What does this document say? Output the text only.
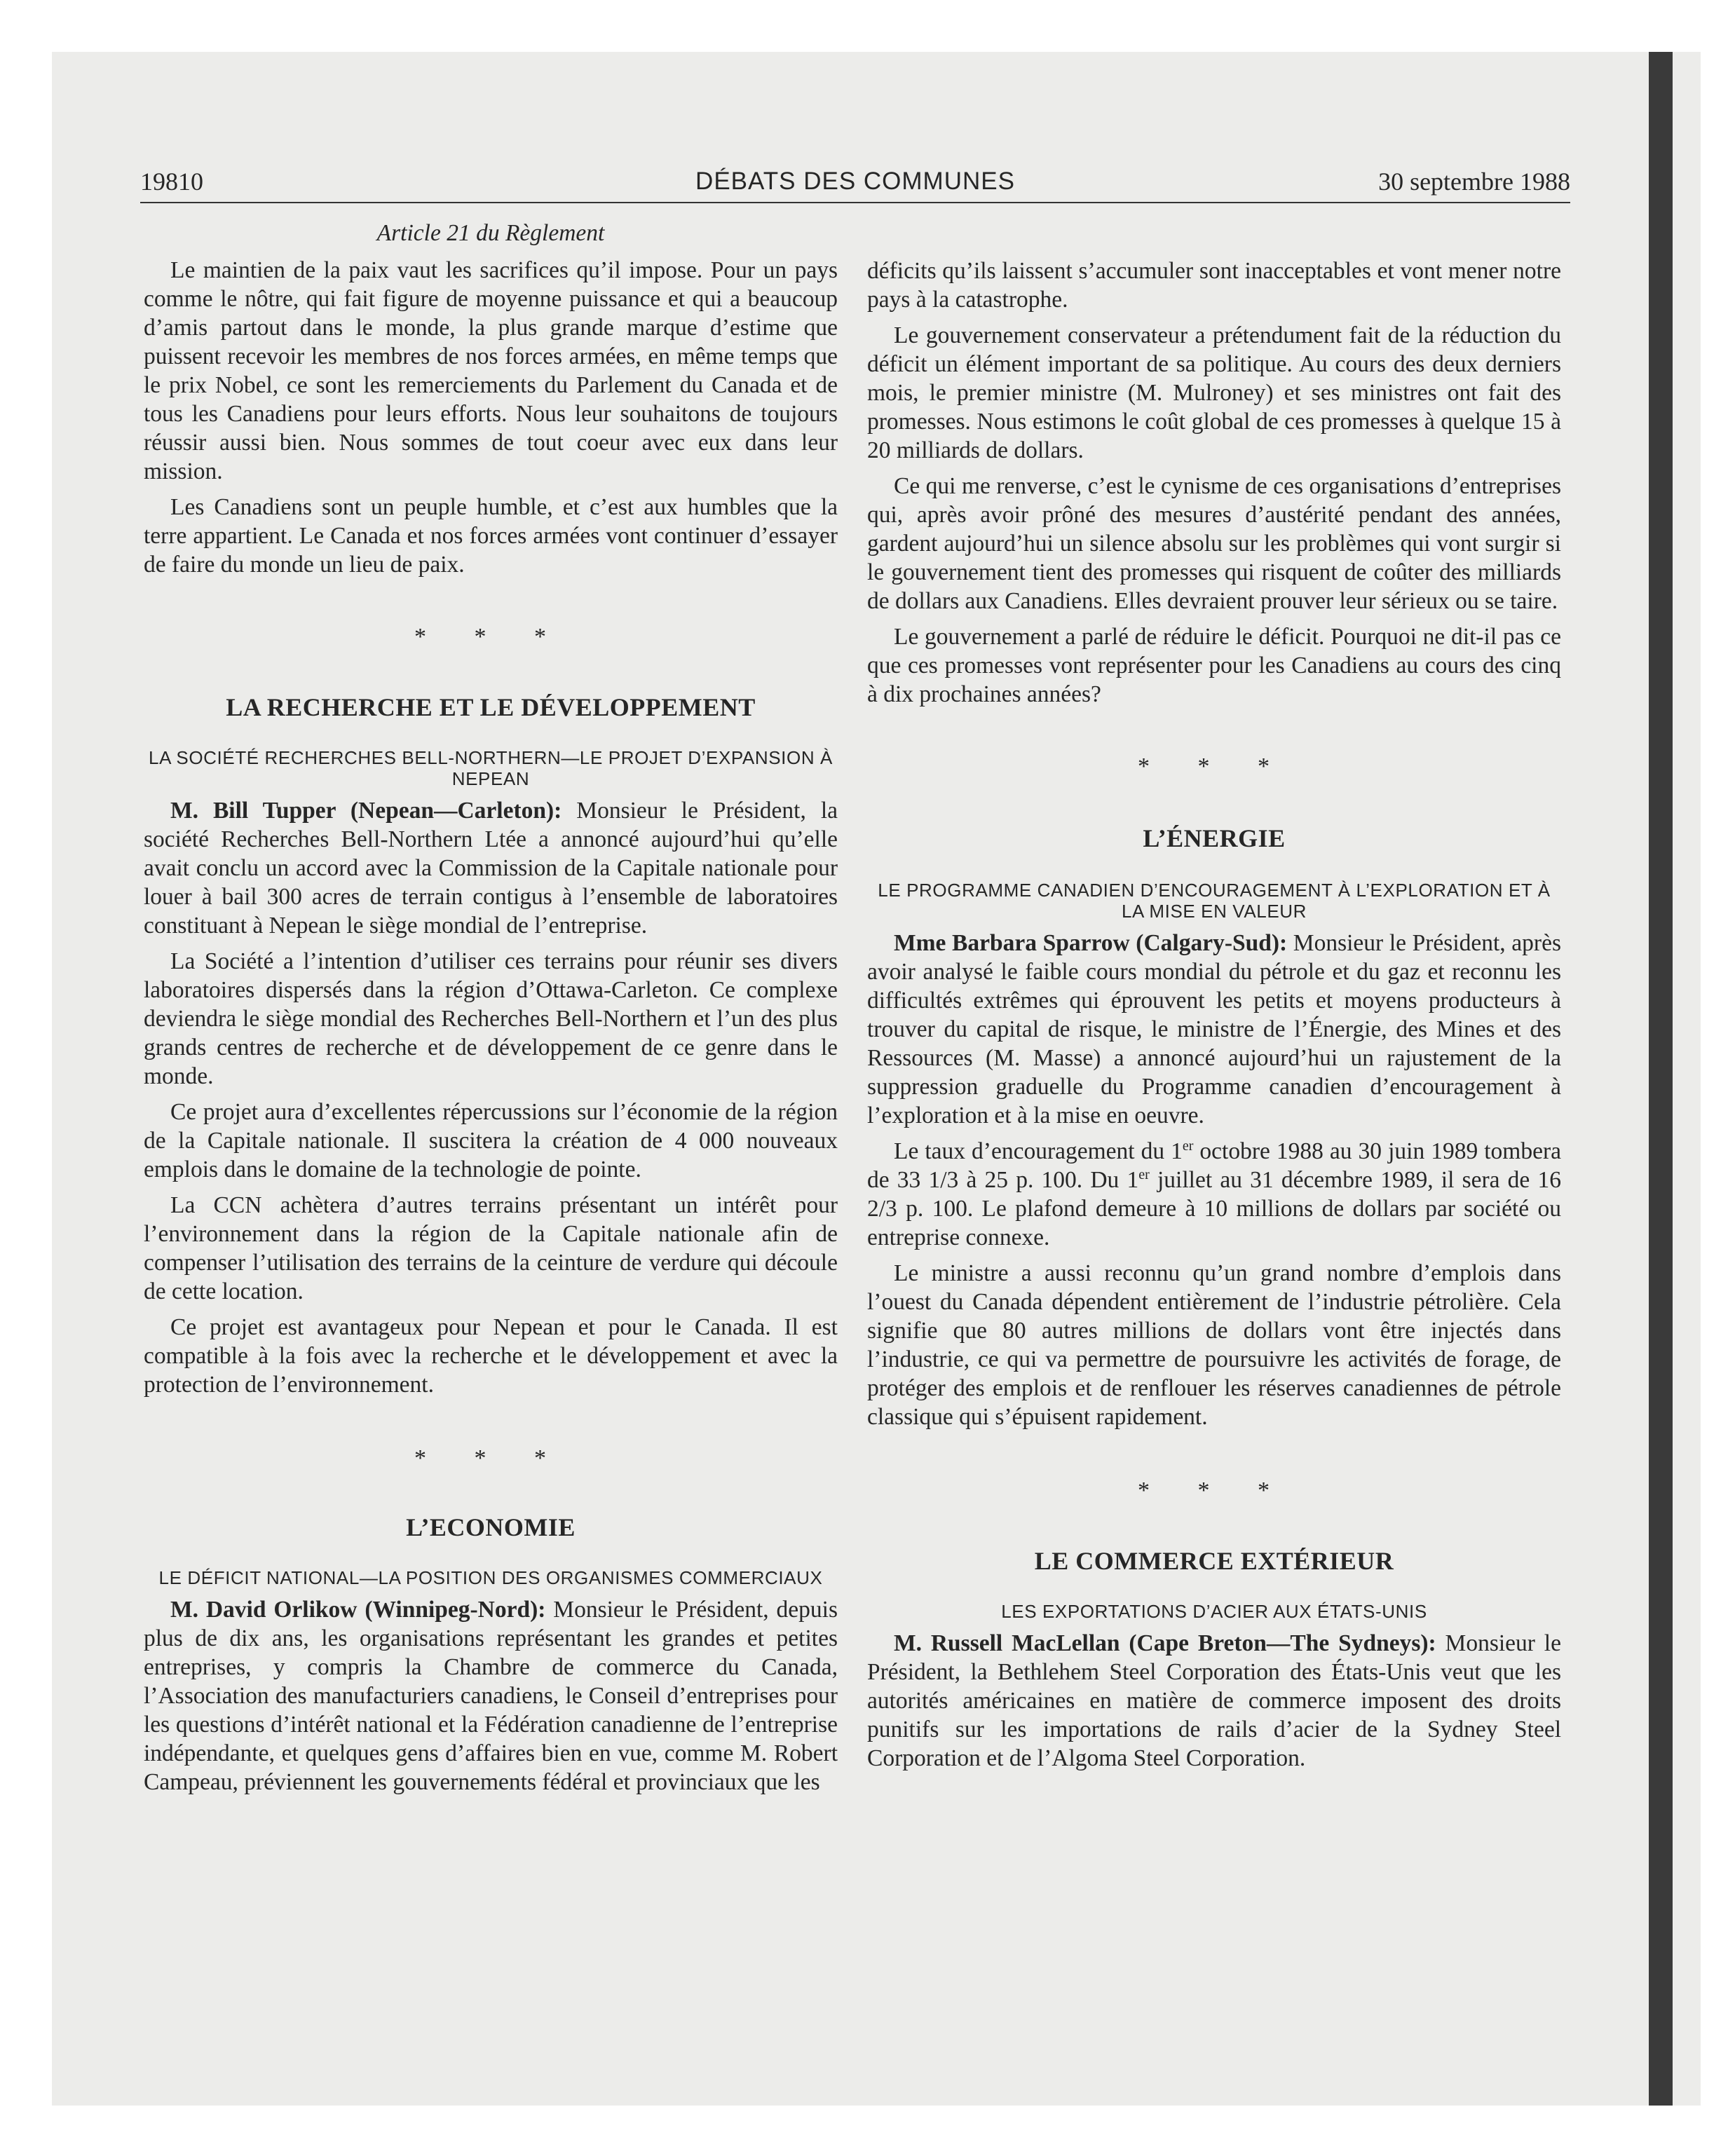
19810	DÉBATS DES COMMUNES	30 septembre 1988
Article 21 du Règlement

Le maintien de la paix vaut les sacrifices qu’il impose. Pour un pays comme le nôtre, qui fait figure de moyenne puissance et qui a beaucoup d’amis partout dans le monde, la plus grande marque d’estime que puissent recevoir les membres de nos forces armées, en même temps que le prix Nobel, ce sont les remerciements du Parlement du Canada et de tous les Canadiens pour leurs efforts. Nous leur souhaitons de toujours réussir aussi bien. Nous sommes de tout coeur avec eux dans leur mission.

Les Canadiens sont un peuple humble, et c’est aux humbles que la terre appartient. Le Canada et nos forces armées vont continuer d’essayer de faire du monde un lieu de paix.

* * *
LA RECHERCHE ET LE DÉVELOPPEMENT
LA SOCIÉTÉ RECHERCHES BELL-NORTHERN—LE PROJET D’EXPANSION À NEPEAN

M. Bill Tupper (Nepean—Carleton): Monsieur le Président, la société Recherches Bell-Northern Ltée a annoncé aujourd’hui qu’elle avait conclu un accord avec la Commission de la Capitale nationale pour louer à bail 300 acres de terrain contigus à l’ensemble de laboratoires constituant à Nepean le siège mondial de l’entreprise.

La Société a l’intention d’utiliser ces terrains pour réunir ses divers laboratoires dispersés dans la région d’Ottawa-Carleton. Ce complexe deviendra le siège mondial des Recherches Bell-Northern et l’un des plus grands centres de recherche et de développement de ce genre dans le monde.

Ce projet aura d’excellentes répercussions sur l’économie de la région de la Capitale nationale. Il suscitera la création de 4 000 nouveaux emplois dans le domaine de la technologie de pointe.

La CCN achètera d’autres terrains présentant un intérêt pour l’environnement dans la région de la Capitale nationale afin de compenser l’utilisation des terrains de la ceinture de verdure qui découle de cette location.

Ce projet est avantageux pour Nepean et pour le Canada. Il est compatible à la fois avec la recherche et le développement et avec la protection de l’environnement.

* * *
L’ECONOMIE
LE DÉFICIT NATIONAL—LA POSITION DES ORGANISMES COMMERCIAUX

M. David Orlikow (Winnipeg-Nord): Monsieur le Président, depuis plus de dix ans, les organisations représentant les grandes et petites entreprises, y compris la Chambre de commerce du Canada, l’Association des manufacturiers canadiens, le Conseil d’entreprises pour les questions d’intérêt national et la Fédération canadienne de l’entreprise indépendante, et quelques gens d’affaires bien en vue, comme M. Robert Campeau, préviennent les gouvernements fédéral et provinciaux que les

déficits qu’ils laissent s’accumuler sont inacceptables et vont mener notre pays à la catastrophe.

Le gouvernement conservateur a prétendument fait de la réduction du déficit un élément important de sa politique. Au cours des deux derniers mois, le premier ministre (M. Mulroney) et ses ministres ont fait des promesses. Nous estimons le coût global de ces promesses à quelque 15 à 20 milliards de dollars.

Ce qui me renverse, c’est le cynisme de ces organisations d’entreprises qui, après avoir prôné des mesures d’austérité pendant des années, gardent aujourd’hui un silence absolu sur les problèmes qui vont surgir si le gouvernement tient des promesses qui risquent de coûter des milliards de dollars aux Canadiens. Elles devraient prouver leur sérieux ou se taire.

Le gouvernement a parlé de réduire le déficit. Pourquoi ne dit-il pas ce que ces promesses vont représenter pour les Canadiens au cours des cinq à dix prochaines années?

* * *
L’ÉNERGIE
LE PROGRAMME CANADIEN D’ENCOURAGEMENT À L’EXPLORATION ET À LA MISE EN VALEUR

Mme Barbara Sparrow (Calgary-Sud): Monsieur le Président, après avoir analysé le faible cours mondial du pétrole et du gaz et reconnu les difficultés extrêmes qui éprouvent les petits et moyens producteurs à trouver du capital de risque, le ministre de l’Énergie, des Mines et des Ressources (M. Masse) a annoncé aujourd’hui un rajustement de la suppression graduelle du Programme canadien d’encouragement à l’exploration et à la mise en oeuvre.

Le taux d’encouragement du 1er octobre 1988 au 30 juin 1989 tombera de 33 1/3 à 25 p. 100. Du 1er juillet au 31 décembre 1989, il sera de 16 2/3 p. 100. Le plafond demeure à 10 millions de dollars par société ou entreprise connexe.

Le ministre a aussi reconnu qu’un grand nombre d’emplois dans l’ouest du Canada dépendent entièrement de l’industrie pétrolière. Cela signifie que 80 autres millions de dollars vont être injectés dans l’industrie, ce qui va permettre de poursuivre les activités de forage, de protéger des emplois et de renflouer les réserves canadiennes de pétrole classique qui s’épuisent rapidement.

* * *
LE COMMERCE EXTÉRIEUR
LES EXPORTATIONS D’ACIER AUX ÉTATS-UNIS

M. Russell MacLellan (Cape Breton—The Sydneys): Monsieur le Président, la Bethlehem Steel Corporation des États-Unis veut que les autorités américaines en matière de commerce imposent des droits punitifs sur les importations de rails d’acier de la Sydney Steel Corporation et de l’Algoma Steel Corporation.
